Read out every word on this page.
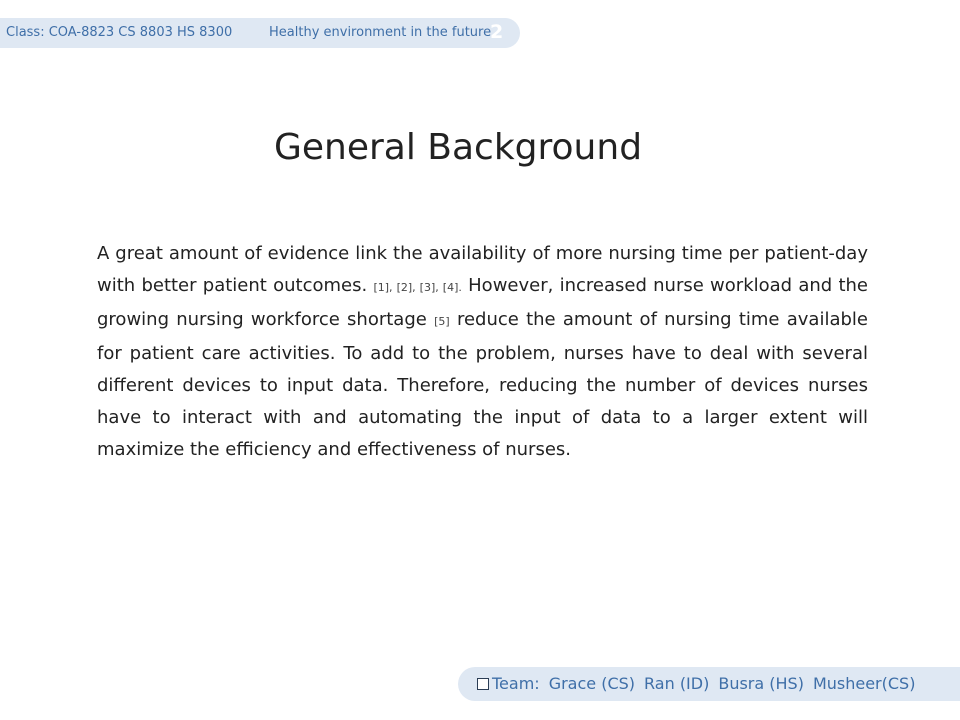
Class: COA-8823 CS 8803 HS 8300	Healthy environment in the future
2
General Background
A great amount of evidence link the availability of more nursing time per patient-day with better patient outcomes. [1], [2], [3], [4]. However, increased nurse workload and the growing nursing workforce shortage [5] reduce the amount of nursing time available for patient care activities. To add to the problem, nurses have to deal with several different devices to input data. Therefore, reducing the number of devices nurses have to interact with and automating the input of data to a larger extent will maximize the efficiency and effectiveness of nurses.
Team: Grace (CS) Ran (ID) Busra (HS) Musheer(CS)
